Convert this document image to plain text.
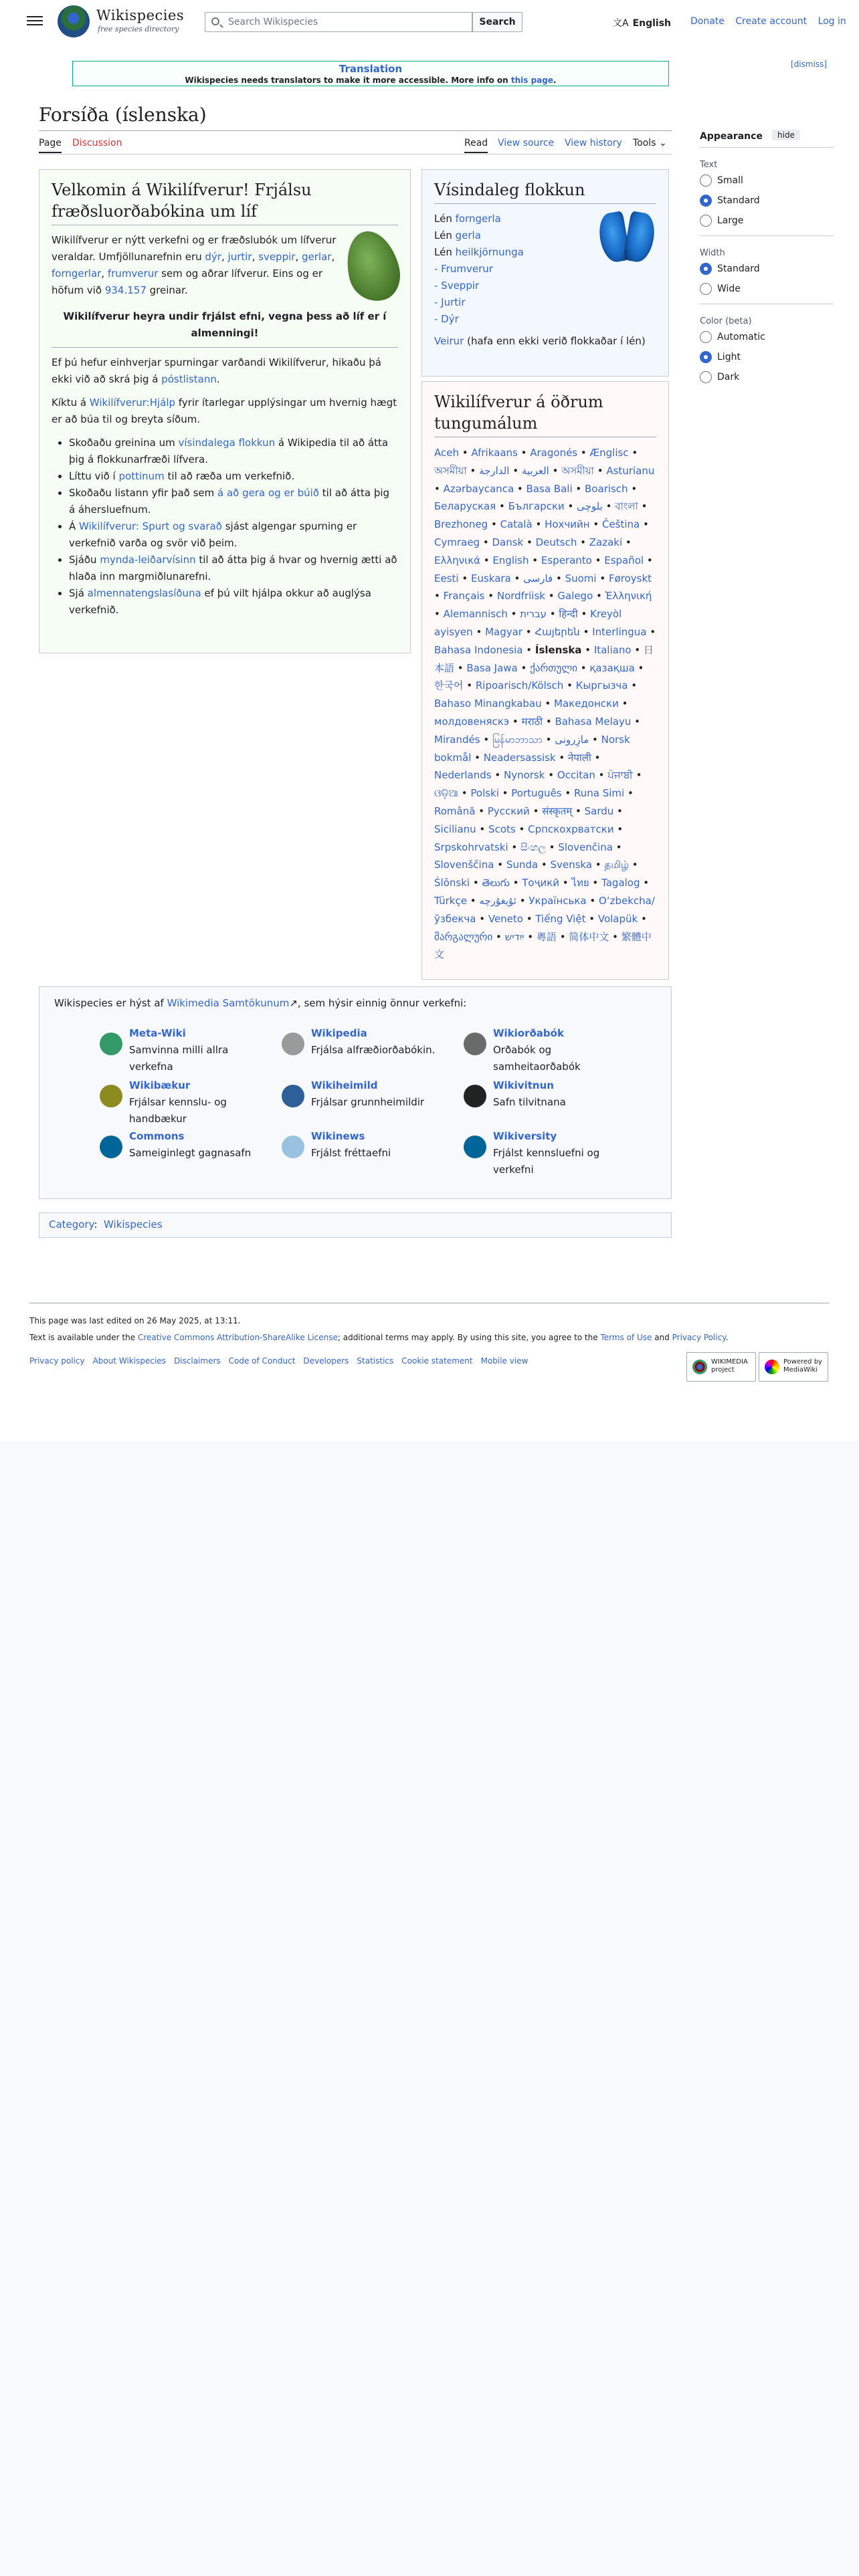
Wikispecies
free species directory
Search Wikispecies
Search	文A English	Donate Create account Log in
Translation
Wikispecies needs translators to make it more accessible. More info on this page.
[dismiss]
Forsíða (íslenska)
Page Discussion	Read View source View history Tools ⌄
Velkomin á Wikilífverur! Frjálsu fræðsluorðabókina um líf

Wikilífverur er nýtt verkefni og er fræðslubók um lífverur veraldar. Umfjöllunarefnin eru dýr, jurtir, sveppir, gerlar, forngerlar, frumverur sem og aðrar lífverur. Eins og er höfum við 934.157 greinar.

Wikilífverur heyra undir frjálst efni, vegna þess að líf er í almenningi!

Ef þú hefur einhverjar spurningar varðandi Wikilífverur, hikaðu þá ekki við að skrá þig á póstlistann.

Kíktu á Wikilífverur:Hjálp fyrir ítarlegar upplýsingar um hvernig hægt er að búa til og breyta síðum.

• Skoðaðu greinina um vísindalega flokkun á Wikipedia til að átta þig á flokkunarfræði lífvera.
• Líttu við í pottinum til að ræða um verkefnið.
• Skoðaðu listann yfir það sem á að gera og er búið til að átta þig á áhersluefnum.
• Á Wikilífverur: Spurt og svarað sjást algengar spurning er verkefnið varða og svör við þeim.
• Sjáðu mynda-leiðarvísinn til að átta þig á hvar og hvernig ætti að hlaða inn margmiðlunarefni.
• Sjá almennatengslasíðuna ef þú vilt hjálpa okkur að auglýsa verkefnið.
Vísindaleg flokkun
Lén forngerla
Lén gerla
Lén heilkjörnunga
- Frumverur
- Sveppir
- Jurtir
- Dýr
Veirur (hafa enn ekki verið flokkaðar í lén)
Wikilífverur á öðrum tungumálum
Aceh • Afrikaans • Aragonés • Ænglisc • অসমীয়া •	العربية • الدارجة	• অসমীয়া • Asturianu • Azərbaycanca • Basa Bali • Boarisch • Беларуская • Български • بلوچی • বাংলা • Brezhoneg • Català • Нохчийн • Čeština • Cymraeg • Dansk • Deutsch • Zazaki • Ελληνικά • English • Esperanto • Español • Eesti • Euskara • فارسی • Suomi • Føroyskt • Français • Nordfriisk • Galego • Ἑλληνική • Alemannisch • עברית • हिन्दी • Kreyòl ayisyen • Magyar • Հայերեն • Interlingua • Bahasa Indonesia • Íslenska • Italiano • 日本語 • Basa Jawa • ქართული • қазақша • 한국어 • Ripoarisch/Kölsch • Кыргызча • Bahaso Minangkabau • Македонски • молдовеняскэ • मराठी • Bahasa Melayu • Mirandés • မြန်မာဘာသာ • مازِرونی • Norsk bokmål • Neadersassisk • नेपाली • Nederlands • Nynorsk • Occitan • ਪੰਜਾਬੀ • ଓଡ଼ିଆ • Polski • Português • Runa Simi • Română • Русский • संस्कृतम् • Sardu • Sicilianu • Scots • Српскохрватски • Srpskohrvatski • සිංහල • Slovenčina • Slovenščina • Sunda • Svenska • தமிழ் • Ślōnski • తెలుగు • Тоҷикӣ • ไทย • Tagalog • Türkçe • ئۇيغۇرچە • Українська • Oʻzbekcha/ўзбекча • Veneto • Tiếng Việt • Volapük • მარგალური • ייִדיש • 粵語 • 简体中文 • 繁體中文
Wikispecies er hýst af Wikimedia Samtökunum↗, sem hýsir einnig önnur verkefni:
Meta-Wiki
Samvinna milli allra verkefna
Wikipedia
Frjálsa alfræðiorðabókin.
Wikiorðabók
Orðabók og samheitaorðabók
Wikibækur
Frjálsar kennslu- og handbækur
Wikiheimild
Frjálsar grunnheimildir
Wikivitnun
Safn tilvitnana
Commons
Sameiginlegt gagnasafn
Wikinews
Frjálst fréttaefni
Wikiversity
Frjálst kennsluefni og verkefni
Category:  Wikispecies
Appearance	hide
Text
Small
Standard
Large
Width
Standard
Wide
Color (beta)
Automatic
Light
Dark
This page was last edited on 26 May 2025, at 13:11.
Text is available under the Creative Commons Attribution-ShareAlike License; additional terms may apply. By using this site, you agree to the Terms of Use and Privacy Policy.
Privacy policy About Wikispecies Disclaimers Code of Conduct Developers Statistics Cookie statement Mobile view	WIKIMEDIA project
Powered by MediaWiki
